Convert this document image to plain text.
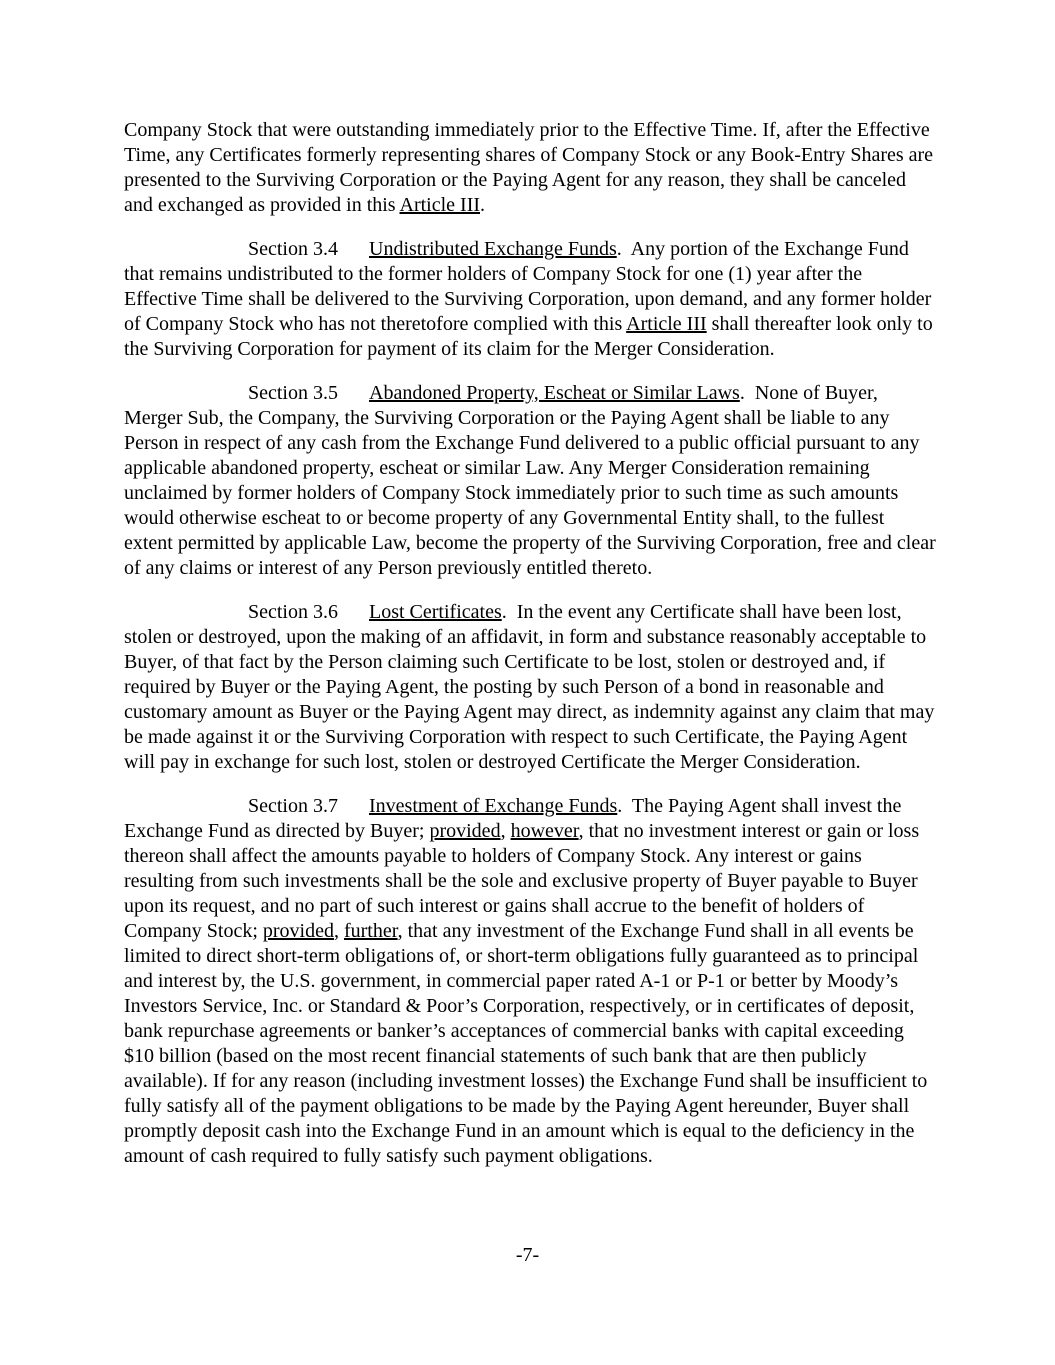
Company Stock that were outstanding immediately prior to the Effective Time. If, after the Effective Time, any Certificates formerly representing shares of Company Stock or any Book-Entry Shares are presented to the Surviving Corporation or the Paying Agent for any reason, they shall be canceled and exchanged as provided in this Article III.

Section 3.4 Undistributed Exchange Funds.  Any portion of the Exchange Fund that remains undistributed to the former holders of Company Stock for one (1) year after the Effective Time shall be delivered to the Surviving Corporation, upon demand, and any former holder of Company Stock who has not theretofore complied with this Article III shall thereafter look only to the Surviving Corporation for payment of its claim for the Merger Consideration.

Section 3.5 Abandoned Property, Escheat or Similar Laws.  None of Buyer, Merger Sub, the Company, the Surviving Corporation or the Paying Agent shall be liable to any Person in respect of any cash from the Exchange Fund delivered to a public official pursuant to any applicable abandoned property, escheat or similar Law. Any Merger Consideration remaining unclaimed by former holders of Company Stock immediately prior to such time as such amounts would otherwise escheat to or become property of any Governmental Entity shall, to the fullest extent permitted by applicable Law, become the property of the Surviving Corporation, free and clear of any claims or interest of any Person previously entitled thereto.

Section 3.6 Lost Certificates.  In the event any Certificate shall have been lost, stolen or destroyed, upon the making of an affidavit, in form and substance reasonably acceptable to Buyer, of that fact by the Person claiming such Certificate to be lost, stolen or destroyed and, if required by Buyer or the Paying Agent, the posting by such Person of a bond in reasonable and customary amount as Buyer or the Paying Agent may direct, as indemnity against any claim that may be made against it or the Surviving Corporation with respect to such Certificate, the Paying Agent will pay in exchange for such lost, stolen or destroyed Certificate the Merger Consideration.

Section 3.7 Investment of Exchange Funds.  The Paying Agent shall invest the Exchange Fund as directed by Buyer; provided, however, that no investment interest or gain or loss thereon shall affect the amounts payable to holders of Company Stock. Any interest or gains resulting from such investments shall be the sole and exclusive property of Buyer payable to Buyer upon its request, and no part of such interest or gains shall accrue to the benefit of holders of Company Stock; provided, further, that any investment of the Exchange Fund shall in all events be limited to direct short-term obligations of, or short-term obligations fully guaranteed as to principal and interest by, the U.S. government, in commercial paper rated A-1 or P-1 or better by Moody’s Investors Service, Inc. or Standard & Poor’s Corporation, respectively, or in certificates of deposit, bank repurchase agreements or banker’s acceptances of commercial banks with capital exceeding $10 billion (based on the most recent financial statements of such bank that are then publicly available). If for any reason (including investment losses) the Exchange Fund shall be insufficient to fully satisfy all of the payment obligations to be made by the Paying Agent hereunder, Buyer shall promptly deposit cash into the Exchange Fund in an amount which is equal to the deficiency in the amount of cash required to fully satisfy such payment obligations.

-7-
